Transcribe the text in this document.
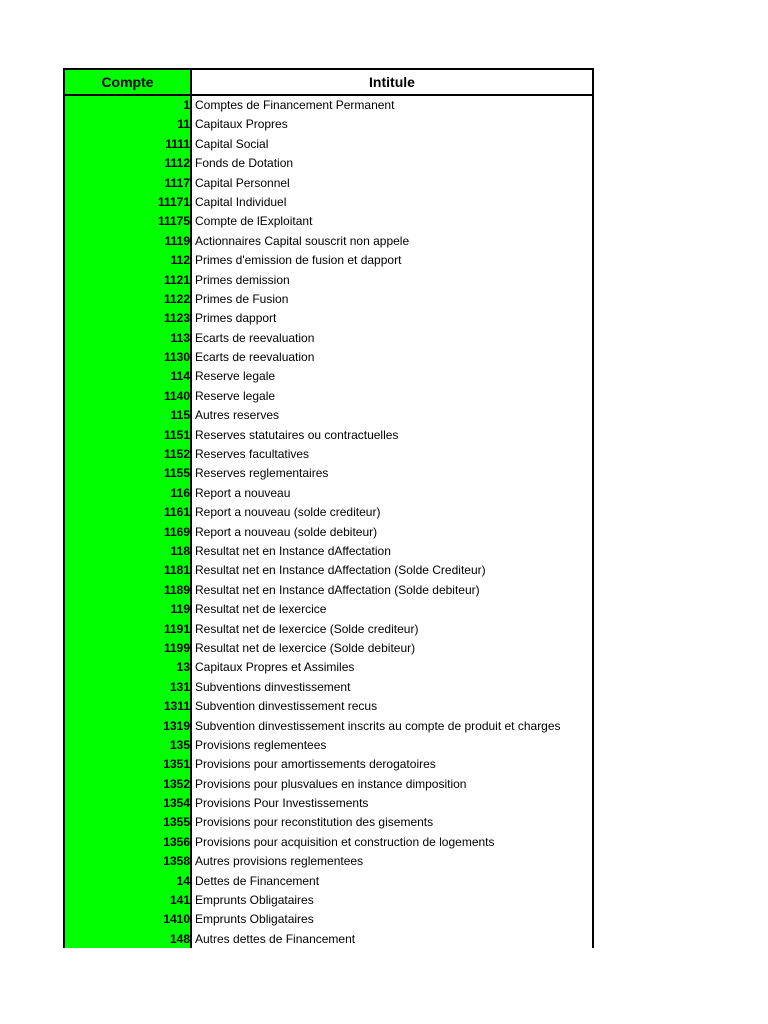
Compte	Intitule
1 Comptes de Financement Permanent
11 Capitaux Propres
1111 Capital Social
1112 Fonds de Dotation
1117 Capital Personnel
11171 Capital Individuel
11175 Compte de lExploitant
1119 Actionnaires Capital souscrit non appele
112 Primes d'emission de fusion et dapport
1121 Primes demission
1122 Primes de Fusion
1123 Primes dapport
113 Ecarts de reevaluation
1130 Ecarts de reevaluation
114 Reserve legale
1140 Reserve legale
115 Autres reserves
1151 Reserves statutaires ou contractuelles
1152 Reserves facultatives
1155 Reserves reglementaires
116 Report a nouveau
1161 Report a nouveau (solde crediteur)
1169 Report a nouveau (solde debiteur)
118 Resultat net en Instance dAffectation
1181 Resultat net en Instance dAffectation (Solde Crediteur)
1189 Resultat net en Instance dAffectation (Solde debiteur)
119 Resultat net de lexercice
1191 Resultat net de lexercice (Solde crediteur)
1199 Resultat net de lexercice (Solde debiteur)
13 Capitaux Propres et Assimiles
131 Subventions dinvestissement
1311 Subvention dinvestissement recus
1319 Subvention dinvestissement inscrits au compte de produit et charges
135 Provisions reglementees
1351 Provisions pour amortissements derogatoires
1352 Provisions pour plusvalues en instance dimposition
1354 Provisions Pour Investissements
1355 Provisions pour reconstitution des gisements
1356 Provisions pour acquisition et construction de logements
1358 Autres provisions reglementees
14 Dettes de Financement
141 Emprunts Obligataires
1410 Emprunts Obligataires
148 Autres dettes de Financement
